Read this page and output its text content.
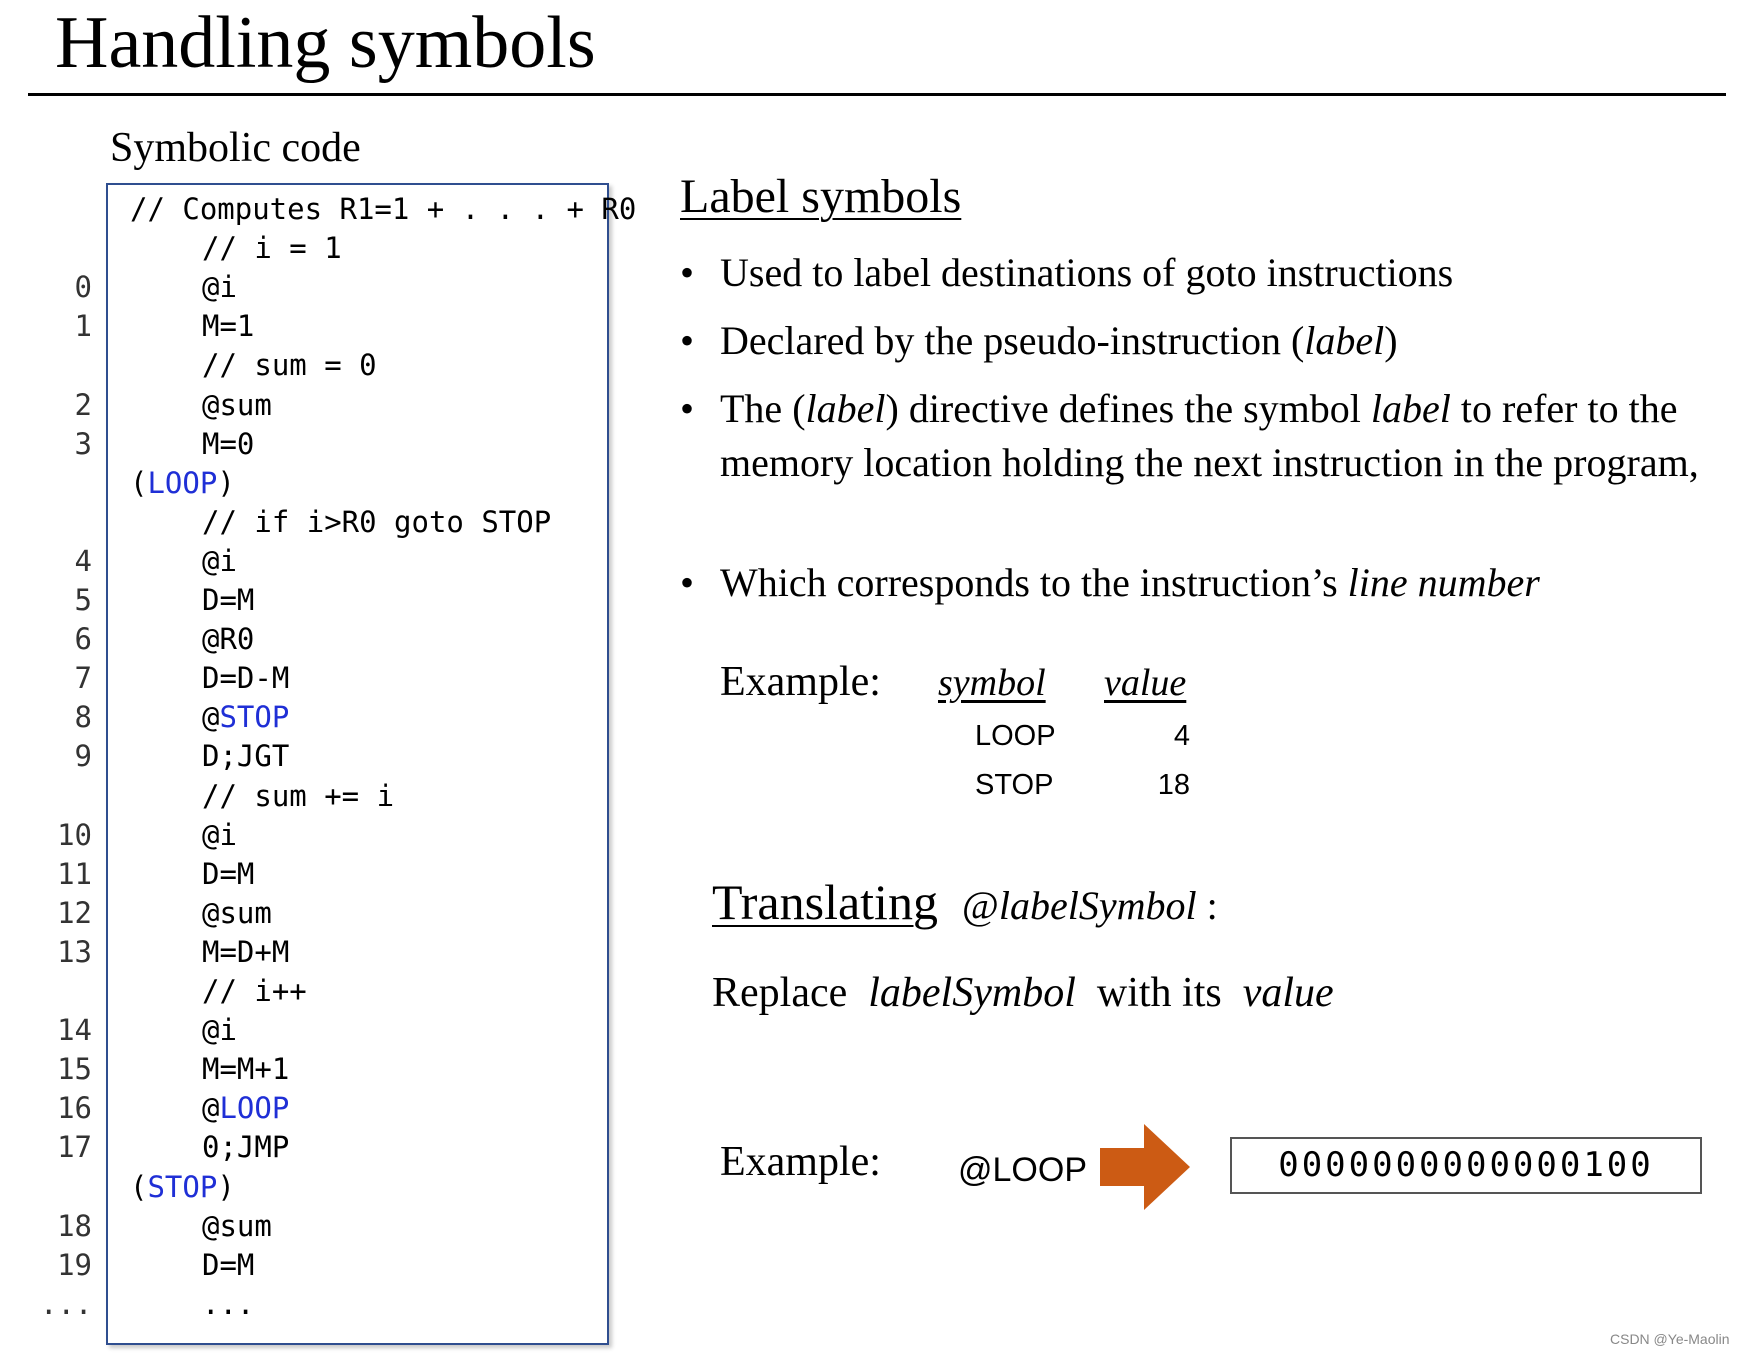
Handling symbols
Symbolic code
// Computes R1=1 + . . . + R0
// i = 1
0	@i
1	M=1
// sum = 0
2	@sum
3	M=0
(LOOP)
// if i>R0 goto STOP
4	@i
5	D=M
6	@R0
7	D=D-M
8	@STOP
9	D;JGT
// sum += i
10	@i
11	D=M
12	@sum
13	M=D+M
// i++
14	@i
15	M=M+1
16	@LOOP
17	0;JMP
(STOP)
18	@sum
19	D=M
...	...
Label symbols
• Used to label destinations of goto instructions
• Declared by the pseudo-instruction (label)
• The (label) directive defines the symbol label to refer to the memory location holding the next instruction in the program,
• Which corresponds to the instruction’s line number
Example: symbol value
LOOP	4
STOP	18
Translating @labelSymbol :
Replace labelSymbol with its value
Example: @LOOP	0000000000000100
CSDN @Ye-Maolin
